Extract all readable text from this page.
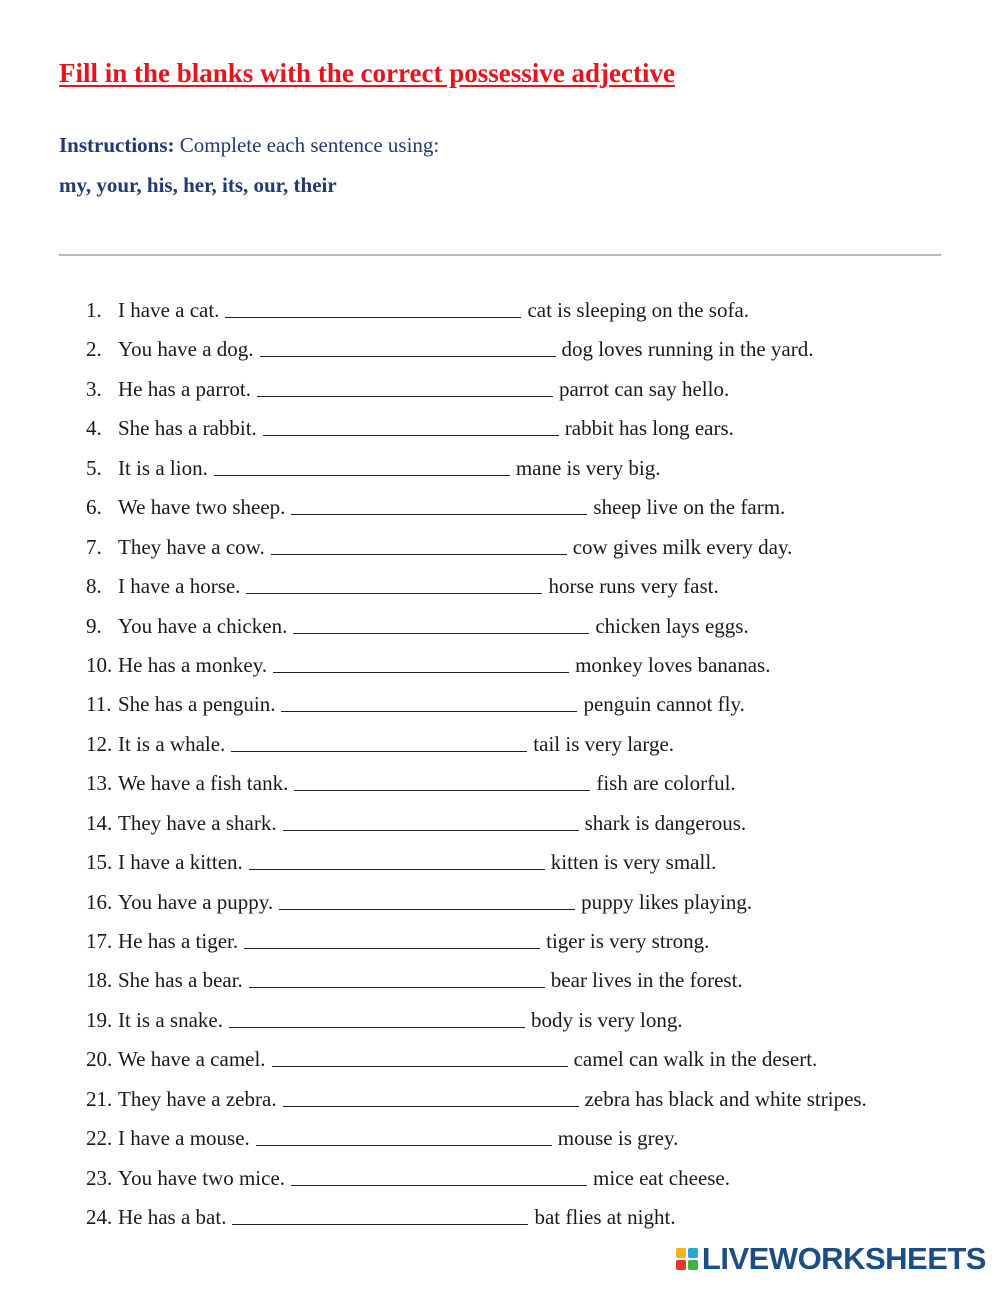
Fill in the blanks with the correct possessive adjective
Instructions: Complete each sentence using:
my, your, his, her, its, our, their
1. I have a cat.	cat is sleeping on the sofa.
2. You have a dog.	dog loves running in the yard.
3. He has a parrot.	parrot can say hello.
4. She has a rabbit.	rabbit has long ears.
5. It is a lion.	mane is very big.
6. We have two sheep.	sheep live on the farm.
7. They have a cow.	cow gives milk every day.
8. I have a horse.	horse runs very fast.
9. You have a chicken.	chicken lays eggs.
10. He has a monkey.	monkey loves bananas.
11. She has a penguin.	penguin cannot fly.
12. It is a whale.	tail is very large.
13. We have a fish tank.	fish are colorful.
14. They have a shark.	shark is dangerous.
15. I have a kitten.	kitten is very small.
16. You have a puppy.	puppy likes playing.
17. He has a tiger.	tiger is very strong.
18. She has a bear.	bear lives in the forest.
19. It is a snake.	body is very long.
20. We have a camel.	camel can walk in the desert.
21. They have a zebra.	zebra has black and white stripes.
22. I have a mouse.	mouse is grey.
23. You have two mice.	mice eat cheese.
24. He has a bat.	bat flies at night.
LIVEWORKSHEETS
